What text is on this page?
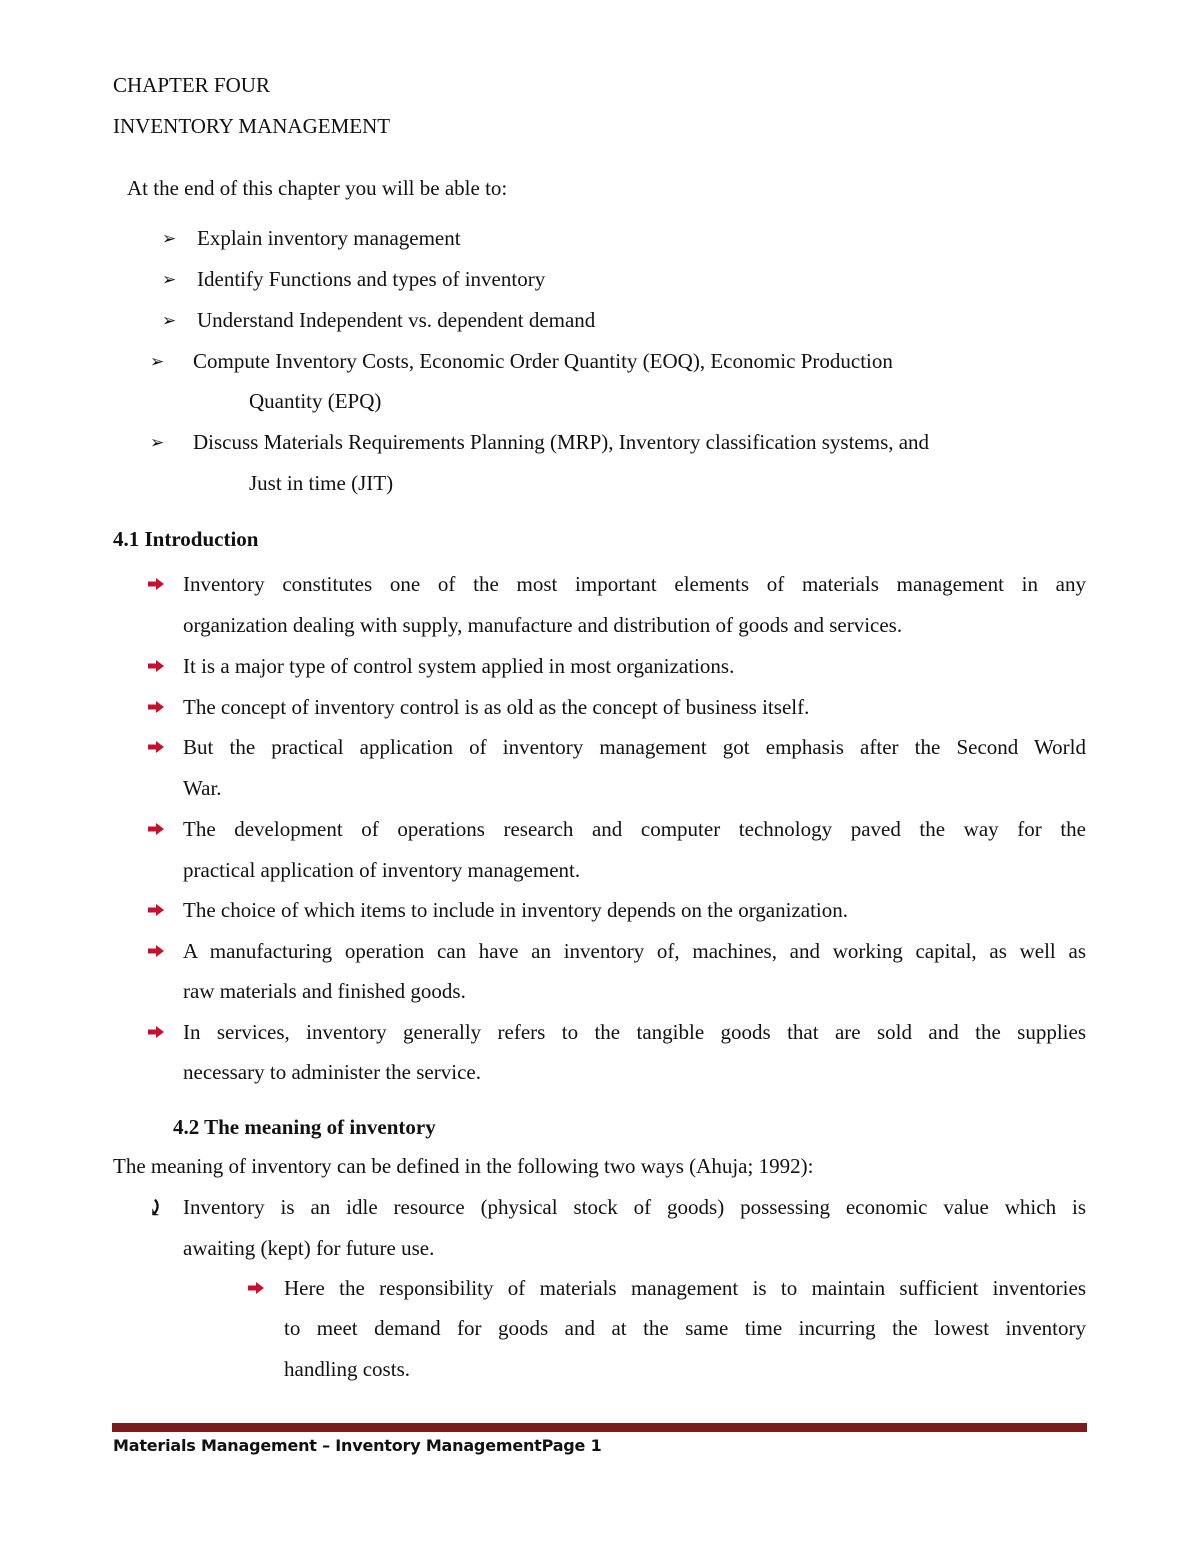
CHAPTER FOUR
INVENTORY MANAGEMENT
At the end of this chapter you will be able to:
➢ Explain inventory management
➢ Identify Functions and types of inventory
➢ Understand Independent vs. dependent demand
➢ Compute Inventory Costs, Economic Order Quantity (EOQ), Economic Production
Quantity (EPQ)
➢ Discuss Materials Requirements Planning (MRP), Inventory classification systems, and
Just in time (JIT)
4.1 Introduction
Inventory constitutes one of the most important elements of materials management in any
organization dealing with supply, manufacture and distribution of goods and services.
It is a major type of control system applied in most organizations.
The concept of inventory control is as old as the concept of business itself.
But the practical application of inventory management got emphasis after the Second World
War.
The development of operations research and computer technology paved the way for the
practical application of inventory management.
The choice of which items to include in inventory depends on the organization.
A manufacturing operation can have an inventory of, machines, and working capital, as well as
raw materials and finished goods.
In services, inventory generally refers to the tangible goods that are sold and the supplies
necessary to administer the service.
4.2 The meaning of inventory
The meaning of inventory can be defined in the following two ways (Ahuja; 1992):
⤸ Inventory is an idle resource (physical stock of goods) possessing economic value which is
awaiting (kept) for future use.
Here the responsibility of materials management is to maintain sufficient inventories
to meet demand for goods and at the same time incurring the lowest inventory
handling costs.
Materials Management – Inventory ManagementPage 1
